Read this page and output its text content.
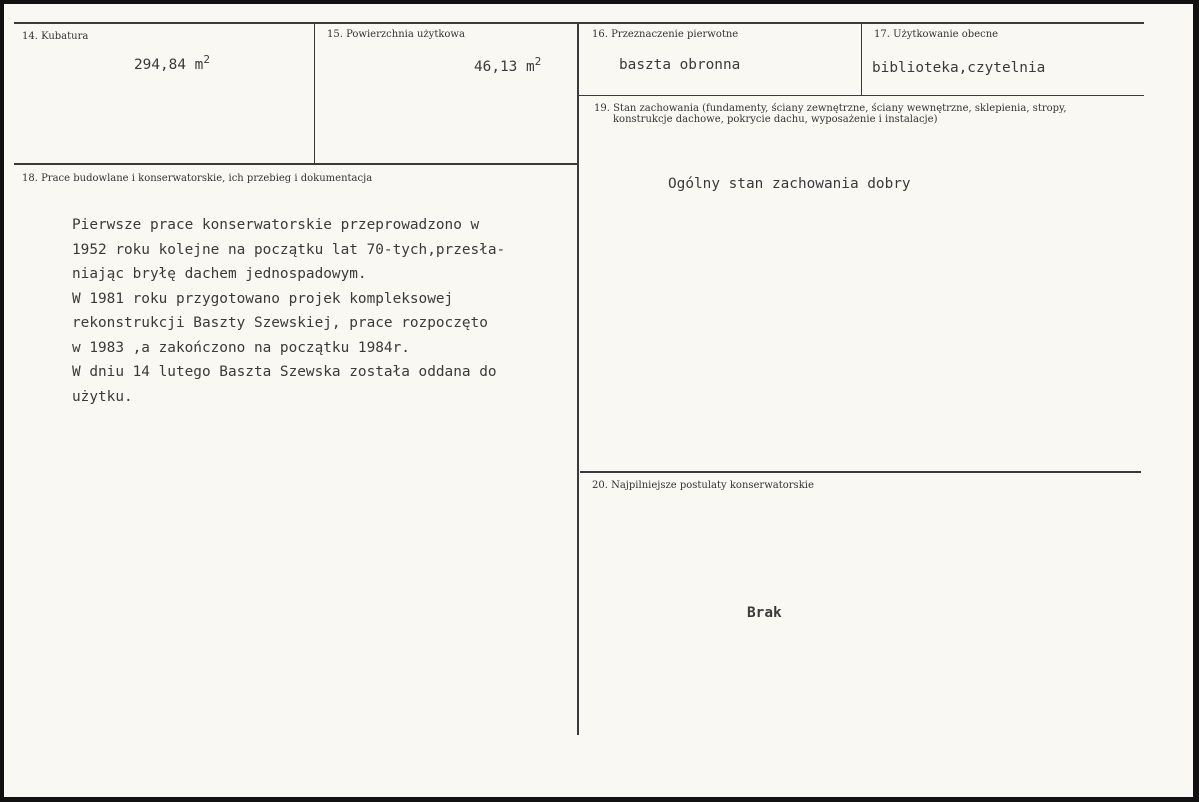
14. Kubatura
294,84 $m^2$
15. Powierzchnia użytkowa
46,13 $m^2$
16. Przeznaczenie pierwotne
baszta obronna
17. Użytkowanie obecne
biblioteka,czytelnia
18. Prace budowlane i konserwatorskie, ich przebieg i dokumentacja
Pierwsze prace konserwatorskie przeprowadzono w
1952 roku kolejne na początku lat 70-tych,przesła-
niając bryłę dachem jednospadowym.
W 1981 roku przygotowano projek kompleksowej
rekonstrukcji Baszty Szewskiej, prace rozpoczęto
w 1983 ,a zakończono na początku 1984r.
W dniu 14 lutego Baszta Szewska została oddana do
użytku.
19. Stan zachowania (fundamenty, ściany zewnętrzne, ściany wewnętrzne, sklepienia, stropy,
konstrukcje dachowe, pokrycie dachu, wyposażenie i instalacje)
Ogólny stan zachowania dobry
20. Najpilniejsze postulaty konserwatorskie
Brak
